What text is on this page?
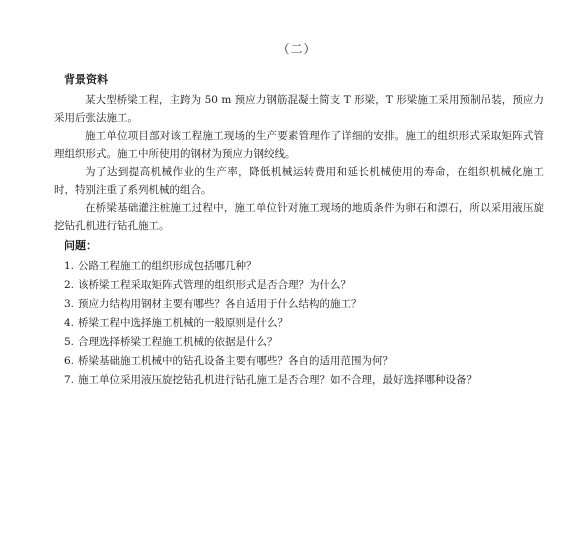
（二）
背景资料

某大型桥梁工程，主跨为 50 m 预应力钢筋混凝土简支 T 形梁，T 形梁施工采用预制吊装，预应力采用后张法施工。

施工单位项目部对该工程施工现场的生产要素管理作了详细的安排。施工的组织形式采取矩阵式管理组织形式。施工中所使用的钢材为预应力钢绞线。

为了达到提高机械作业的生产率，降低机械运转费用和延长机械使用的寿命，在组织机械化施工时，特别注重了系列机械的组合。

在桥梁基础灌注桩施工过程中，施工单位针对施工现场的地质条件为卵石和漂石，所以采用液压旋挖钻孔机进行钻孔施工。

问题：
1. 公路工程施工的组织形成包括哪几种？
2. 该桥梁工程采取矩阵式管理的组织形式是否合理？为什么？
3. 预应力结构用钢材主要有哪些？各自适用于什么结构的施工？
4. 桥梁工程中选择施工机械的一般原则是什么？
5. 合理选择桥梁工程施工机械的依据是什么？
6. 桥梁基础施工机械中的钻孔设备主要有哪些？各自的适用范围为何？
7. 施工单位采用液压旋挖钻孔机进行钻孔施工是否合理？如不合理，最好选择哪种设备？
